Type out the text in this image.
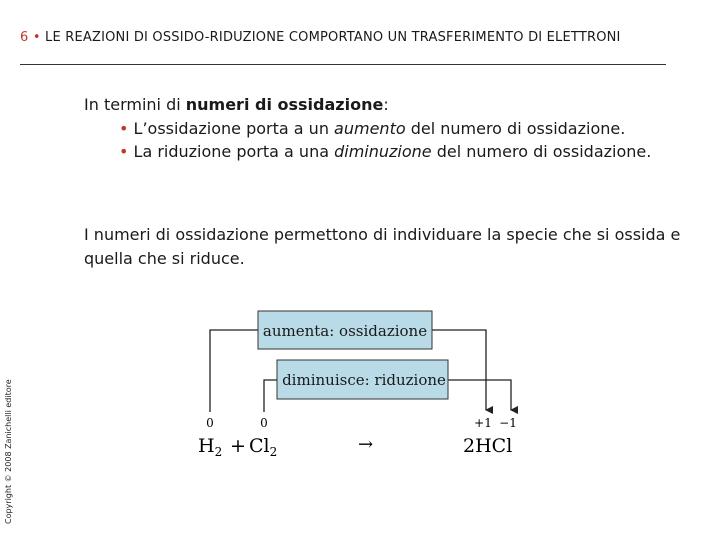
6 • LE REAZIONI DI OSSIDO-RIDUZIONE COMPORTANO UN TRASFERIMENTO DI ELETTRONI
In termini di numeri di ossidazione:
• L’ossidazione porta a un aumento del numero di ossidazione.
• La riduzione porta a una diminuzione del numero di ossidazione.
I numeri di ossidazione permettono di individuare la specie che si ossida e quella che si riduce.
aumenta: ossidazione
diminuisce: riduzione
0	0	+1 −1
$H_2 + Cl_2$	→	2HCl
Copyright © 2008 Zanichelli editore
